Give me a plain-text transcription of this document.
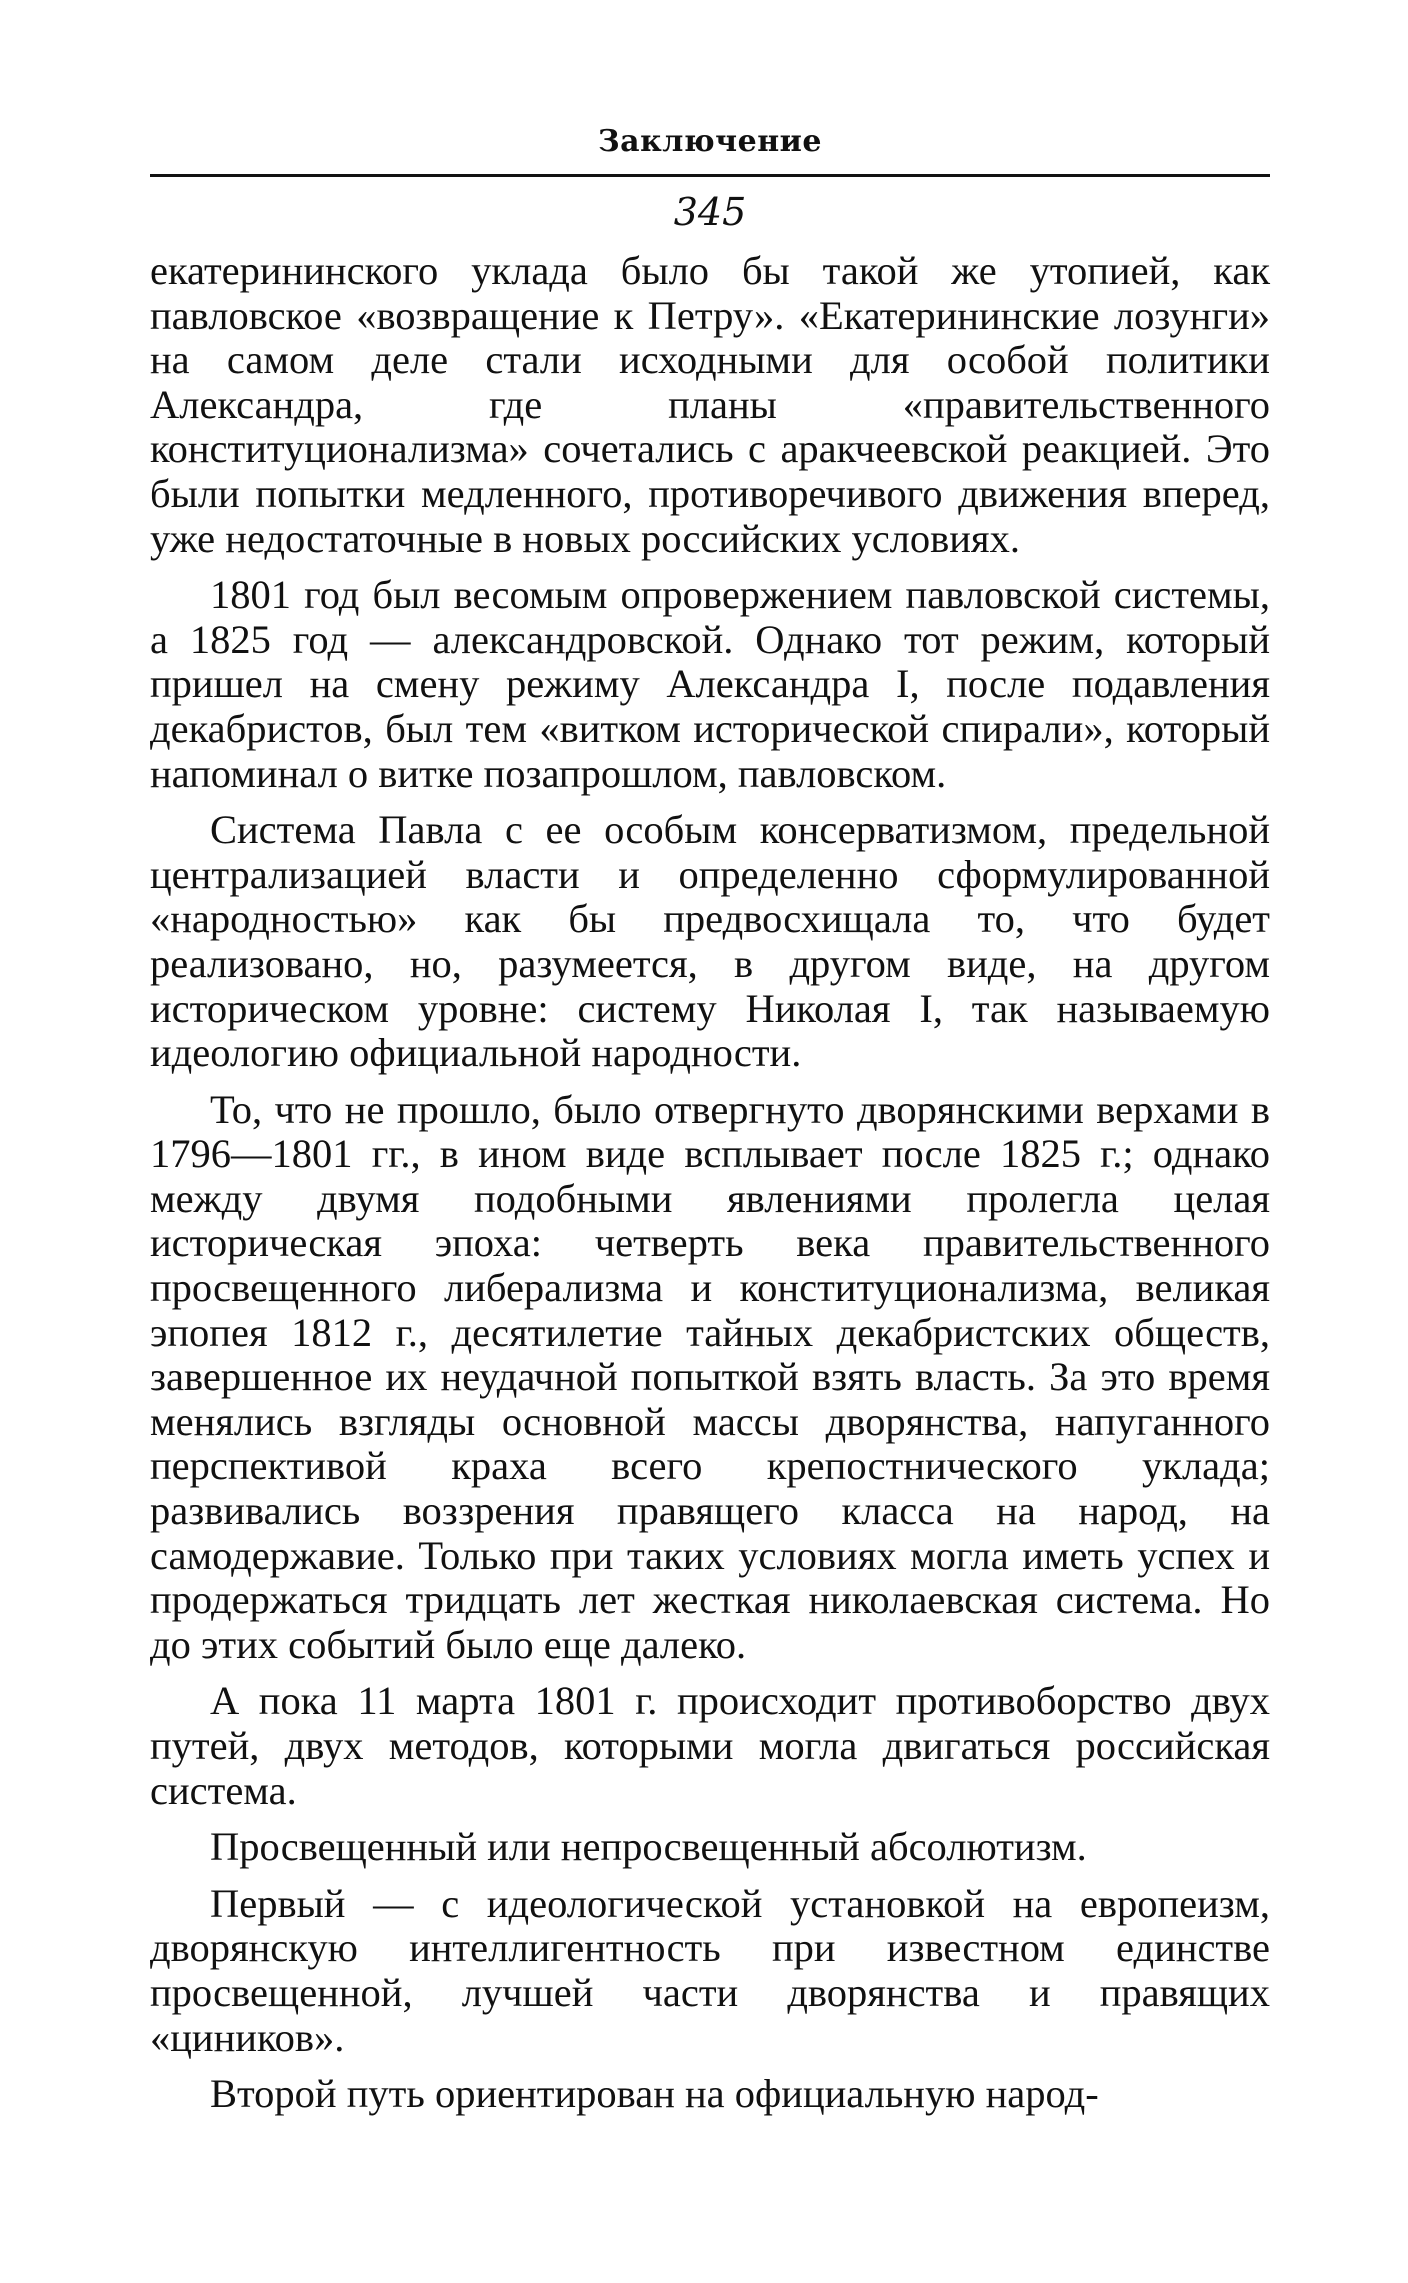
Заключение
345

екатерининского уклада было бы такой же утопией, как павловское «возвращение к Петру». «Екатерининские лозунги» на самом деле стали исходными для особой политики Александра, где планы «правительственного конституционализма» сочетались с аракчеевской реакцией. Это были попытки медленного, противоречивого движения вперед, уже недостаточные в новых российских условиях.

1801 год был весомым опровержением павловской системы, а 1825 год — александровской. Однако тот режим, который пришел на смену режиму Александра I, после подавления декабристов, был тем «витком исторической спирали», который напоминал о витке позапрошлом, павловском.

Система Павла с ее особым консерватизмом, предельной централизацией власти и определенно сформулированной «народностью» как бы предвосхищала то, что будет реализовано, но, разумеется, в другом виде, на другом историческом уровне: систему Николая I, так называемую идеологию официальной народности.

То, что не прошло, было отвергнуто дворянскими верхами в 1796—1801 гг., в ином виде всплывает после 1825 г.; однако между двумя подобными явлениями пролегла целая историческая эпоха: четверть века правительственного просвещенного либерализма и конституционализма, великая эпопея 1812 г., десятилетие тайных декабристских обществ, завершенное их неудачной попыткой взять власть. За это время менялись взгляды основной массы дворянства, напуганного перспективой краха всего крепостнического уклада; развивались воззрения правящего класса на народ, на самодержавие. Только при таких условиях могла иметь успех и продержаться тридцать лет жесткая николаевская система. Но до этих событий было еще далеко.

А пока 11 марта 1801 г. происходит противоборство двух путей, двух методов, которыми могла двигаться российская система.

Просвещенный или непросвещенный абсолютизм.

Первый — с идеологической установкой на европеизм, дворянскую интеллигентность при известном единстве просвещенной, лучшей части дворянства и правящих «циников».

Второй путь ориентирован на официальную народ-
